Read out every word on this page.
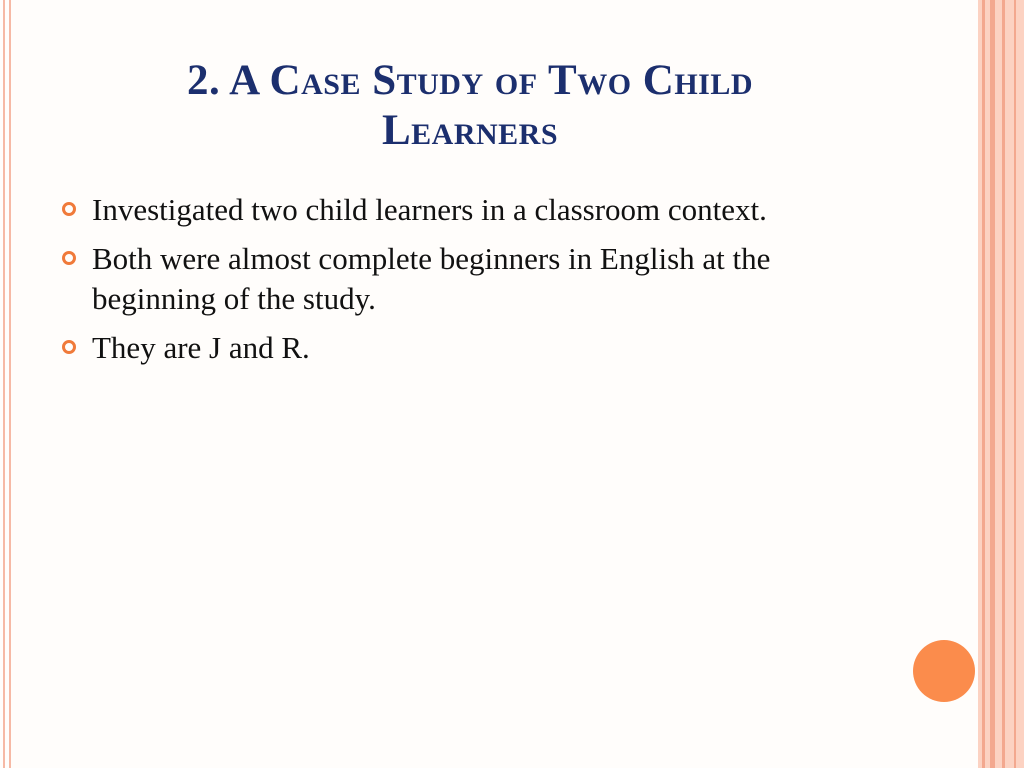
2. A Case Study of Two Child
Learners
Investigated two child learners in a classroom context.
Both were almost complete beginners in English at the beginning of the study.
They are J and R.
